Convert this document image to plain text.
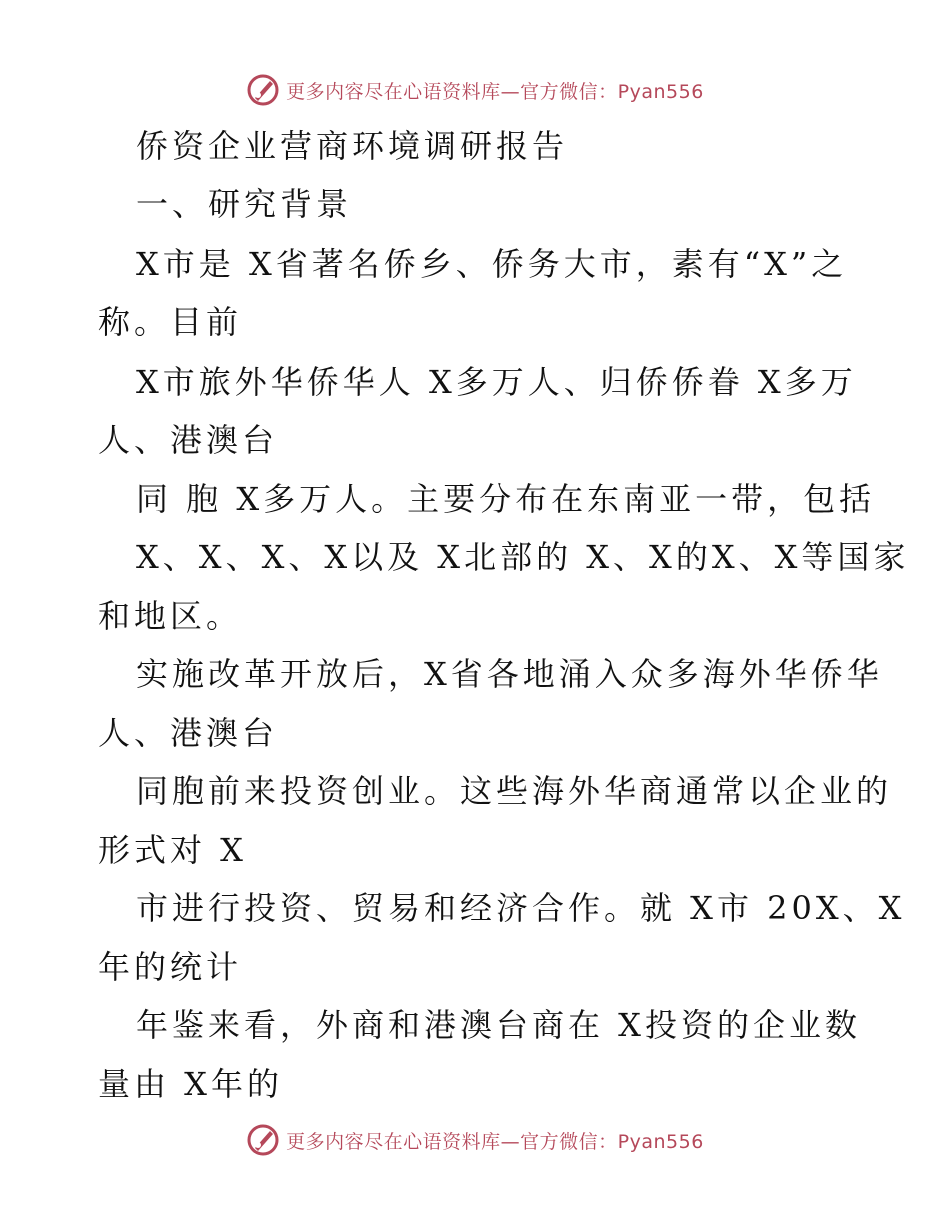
更多内容尽在心语资料库—官方微信：Pyan556
侨资企业营商环境调研报告
一、研究背景
X市是 X省著名侨乡、侨务大市，素有“X”之
称。目前
X市旅外华侨华人 X多万人、归侨侨眷 X多万
人、港澳台
同 胞 X多万人。主要分布在东南亚一带，包括
X、X、X、X以及 X北部的 X、X的X、X等国家
和地区。
实施改革开放后，X省各地涌入众多海外华侨华
人、港澳台
同胞前来投资创业。这些海外华商通常以企业的
形式对 X
市进行投资、贸易和经济合作。就 X市 20X、X
年的统计
年鉴来看，外商和港澳台商在 X投资的企业数
量由 X年的
更多内容尽在心语资料库—官方微信：Pyan556
